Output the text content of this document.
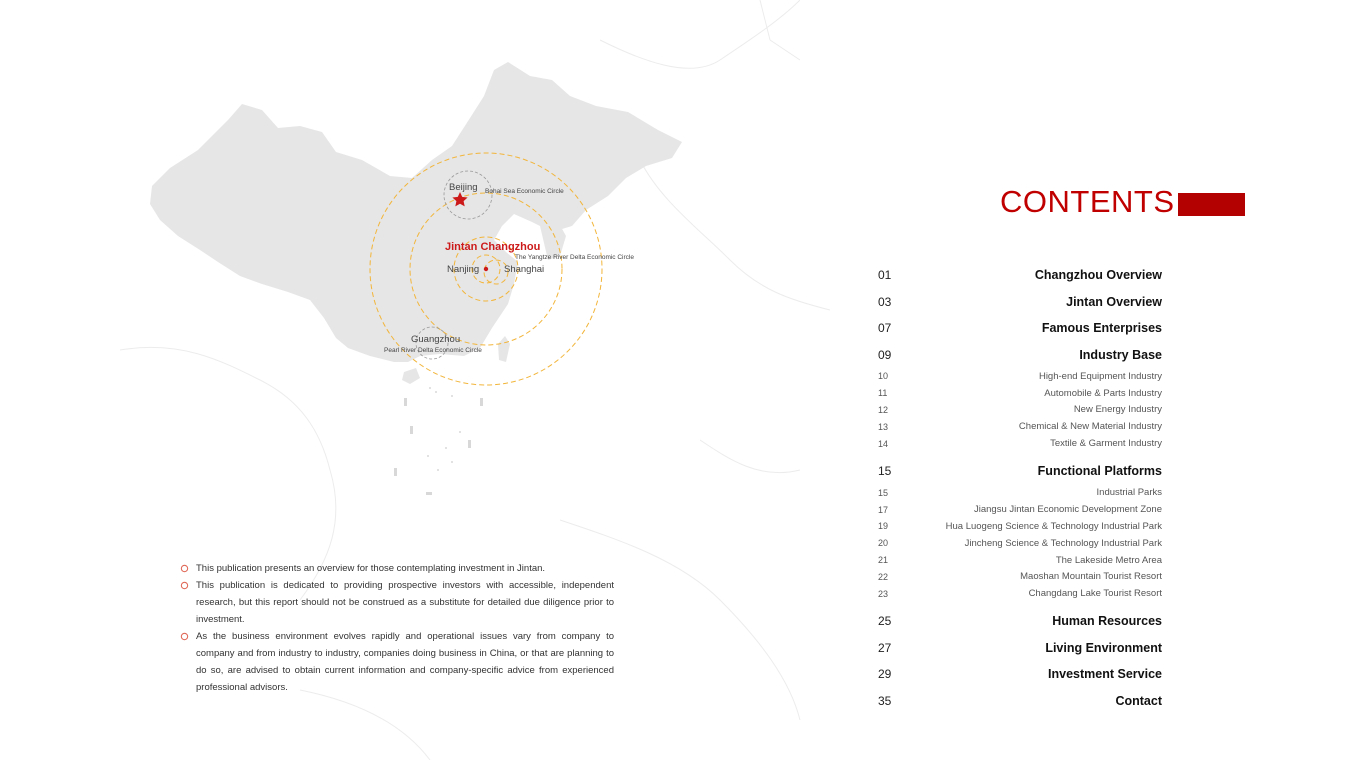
Beijing Bohai Sea Economic Circle
Jintan Changzhou
The Yangtze River Delta Economic Circle
Nanjing	Shanghai
Guangzhou
Pearl River Delta Economic Circle

This publication presents an overview for those contemplating investment in Jintan.

This publication is dedicated to providing prospective investors with accessible, independent research, but this report should not be construed as a substitute for detailed due diligence prior to investment.

As the business environment evolves rapidly and operational issues vary from company to company and from industry to industry, companies doing business in China, or that are planning to do so, are advised to obtain current information and company-specific advice from experienced professional advisors.

CONTENTS
01	Changzhou Overview
03	Jintan Overview
07	Famous Enterprises
09	Industry Base
10	High-end Equipment Industry
11	Automobile & Parts Industry
12	New Energy Industry
13	Chemical & New Material Industry
14	Textile & Garment Industry
15	Functional Platforms
15	Industrial Parks
17	Jiangsu Jintan Economic Development Zone
19	Hua Luogeng Science & Technology Industrial Park
20	Jincheng Science & Technology Industrial Park
21	The Lakeside Metro Area
22	Maoshan Mountain Tourist Resort
23	Changdang Lake Tourist Resort
25	Human Resources
27	Living Environment
29	Investment Service
35	Contact
